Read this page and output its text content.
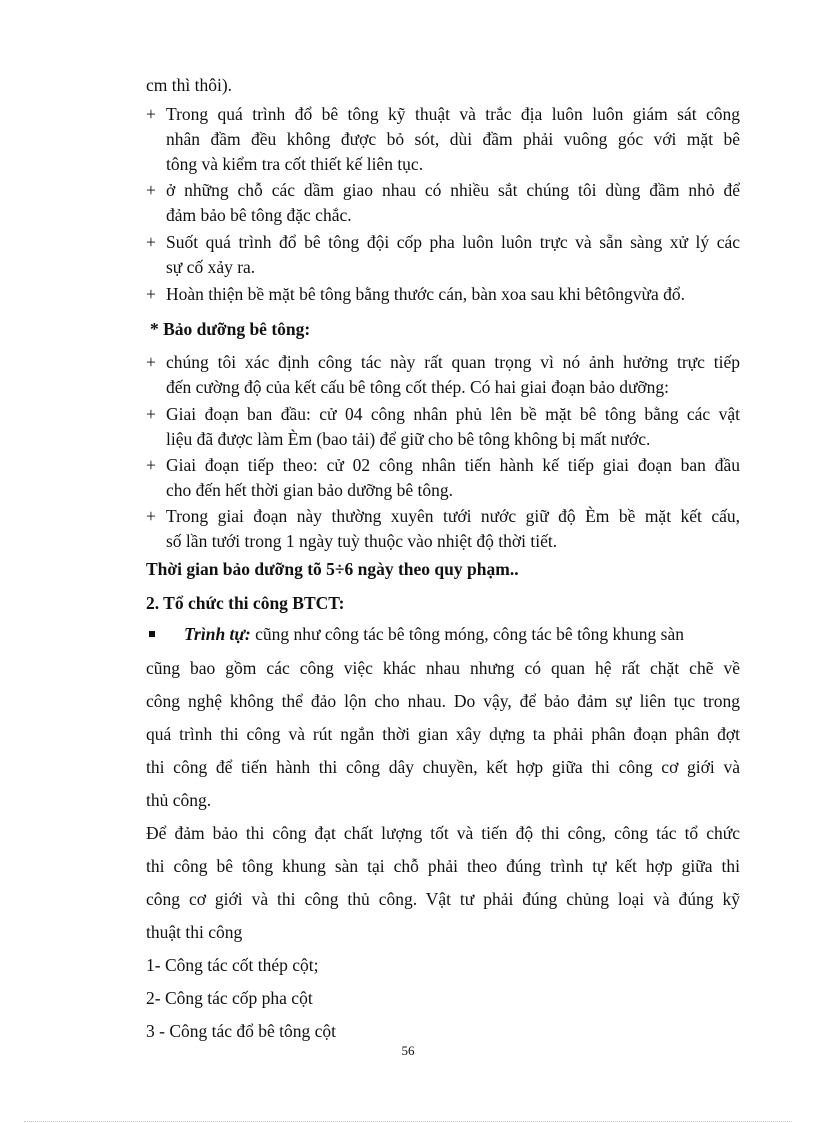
cm thì thôi).
+ Trong quá trình đổ bê tông kỹ thuật và trắc địa luôn luôn giám sát công
nhân đầm đều không được bỏ sót, dùi đầm phải vuông góc với mặt bê
tông và kiểm tra cốt thiết kế liên tục.
+ ở những chỗ các dầm giao nhau có nhiều sắt chúng tôi dùng đầm nhỏ để
đảm bảo bê tông đặc chắc.
+ Suốt quá trình đổ bê tông đội cốp pha luôn luôn trực và sẵn sàng xử lý các
sự cố xảy ra.
+ Hoàn thiện bề mặt bê tông bằng thước cán, bàn xoa sau khi bêtôngvừa đổ.
* Bảo dưỡng bê tông:
+ chúng tôi xác định công tác này rất quan trọng vì nó ảnh hưởng trực tiếp
đến cường độ của kết cấu bê tông cốt thép. Có hai giai đoạn bảo dưỡng:
+ Giai đoạn ban đầu: cử 04 công nhân phủ lên bề mặt bê tông bằng các vật
liệu đã được làm Èm (bao tải) để giữ cho bê tông không bị mất nước.
+ Giai đoạn tiếp theo: cử 02 công nhân tiến hành kế tiếp giai đoạn ban đầu
cho đến hết thời gian bảo dưỡng bê tông.
+ Trong giai đoạn này thường xuyên tưới nước giữ độ Èm bề mặt kết cấu,
số lần tưới trong 1 ngày tuỳ thuộc vào nhiệt độ thời tiết.
Thời gian bảo dưỡng tõ 5÷6 ngày theo quy phạm..
2. Tổ chức thi công BTCT:
Trình tự: cũng như công tác bê tông móng, công tác bê tông khung sàn
cũng bao gồm các công việc khác nhau nhưng có quan hệ rất chặt chẽ về
công nghệ không thể đảo lộn cho nhau. Do vậy, để bảo đảm sự liên tục trong
quá trình thi công và rút ngắn thời gian xây dựng ta phải phân đoạn phân đợt
thi công để tiến hành thi công dây chuyền, kết hợp giữa thi công cơ giới và
thủ công.
Để đảm bảo thi công đạt chất lượng tốt và tiến độ thi công, công tác tổ chức
thi công bê tông khung sàn tại chỗ phải theo đúng trình tự kết hợp giữa thi
công cơ giới và thi công thủ công. Vật tư phải đúng chủng loại và đúng kỹ
thuật thi công
1- Công tác cốt thép cột;
2- Công tác cốp pha cột
3 - Công tác đổ bê tông cột
56
